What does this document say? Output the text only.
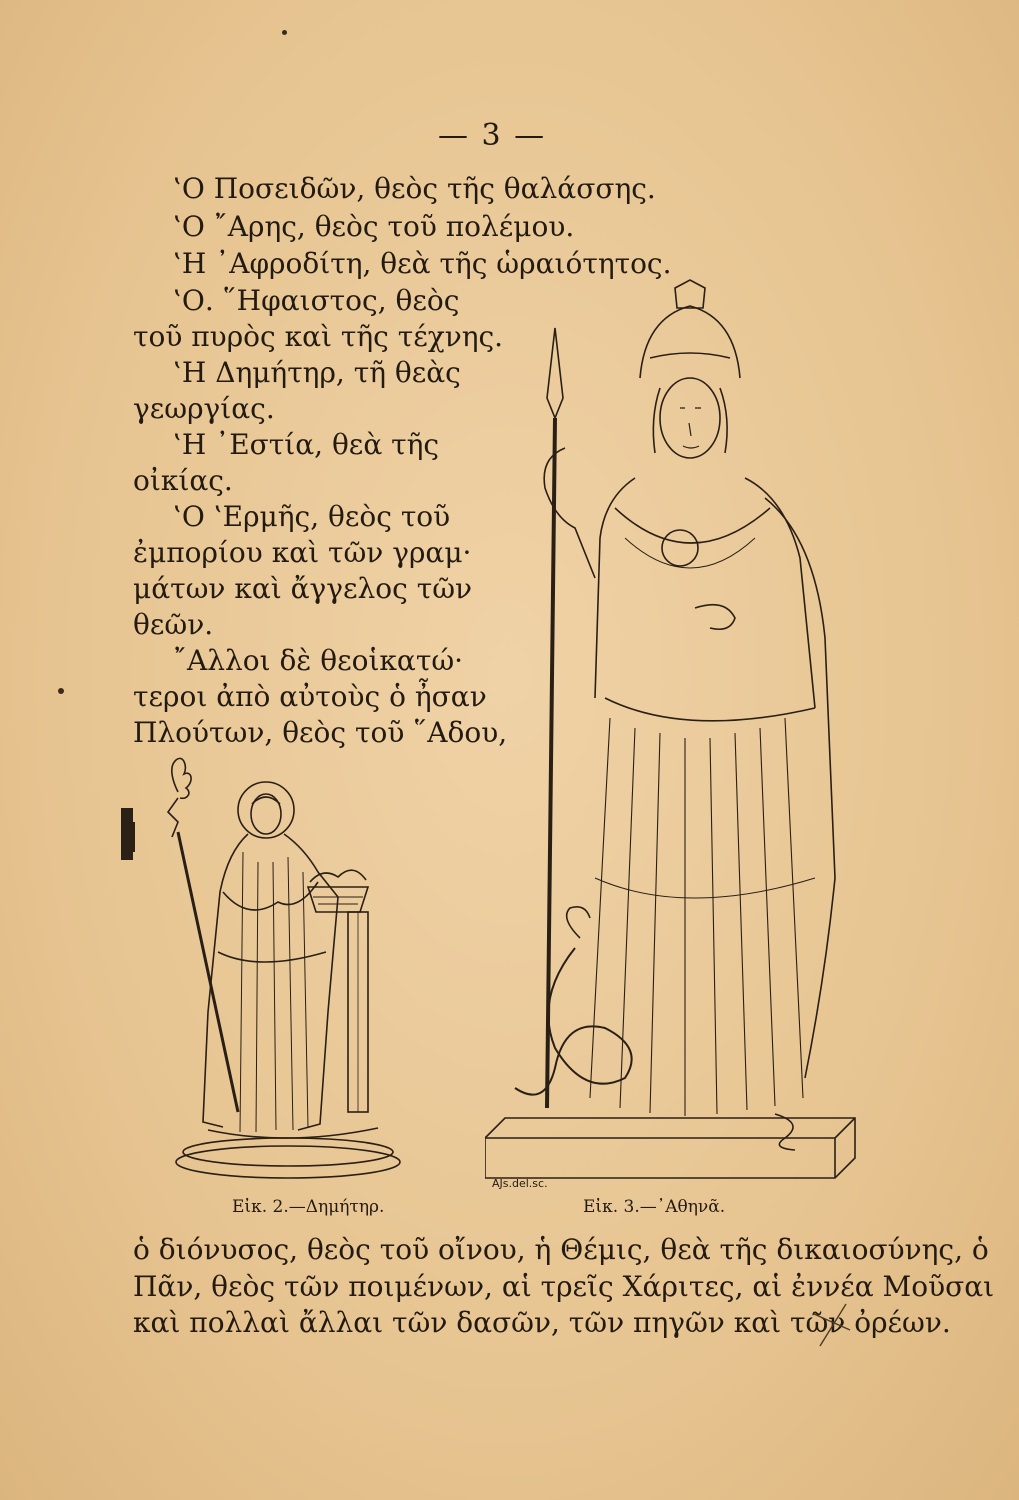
— 3 —
‛Ο Ποσειδῶν, θεὸς τῆς θαλάσσης.
‛Ο ῎Αρης, θεὸς τοῦ πολέμου.
‛Η ᾿Αφροδίτη, θεὰ τῆς ὡραιότητος.
‛Ο. ῞Ηφαιστος, θεὸς
τοῦ πυρὸς καὶ τῆς τέχνης.
‛Η Δημήτηρ, τῆ θεὰς
γεωργίας.
‛Η ᾿Εστία, θεὰ τῆς
οἰκίας.
‛Ο ‛Ερμῆς, θεὸς τοῦ
ἐμπορίου καὶ τῶν γραμ·
μάτων καὶ ἄγγελος τῶν
θεῶν.
῎Αλλοι δὲ θεοἱκατώ·
τεροι ἀπὸ αὐτοὺς ὁ ἦσαν
Πλούτων, θεὸς τοῦ ῞Αδου,
AJs.del.sc.
Εἰκ. 2.—Δημήτηρ.	Εἰκ. 3.—᾿Αθηνᾶ.
ὁ διόνυσος, θεὸς τοῦ οἴνου, ἡ Θέμις, θεὰ τῆς δικαιοσύνης, ὁ
Πᾶν, θεὸς τῶν ποιμένων, αἱ τρεῖς Χάριτες, αἱ ἐννέα Μοῦσαι
καὶ πολλαὶ ἄλλαι τῶν δασῶν, τῶν πηγῶν καὶ τῶν ὀρέων.
